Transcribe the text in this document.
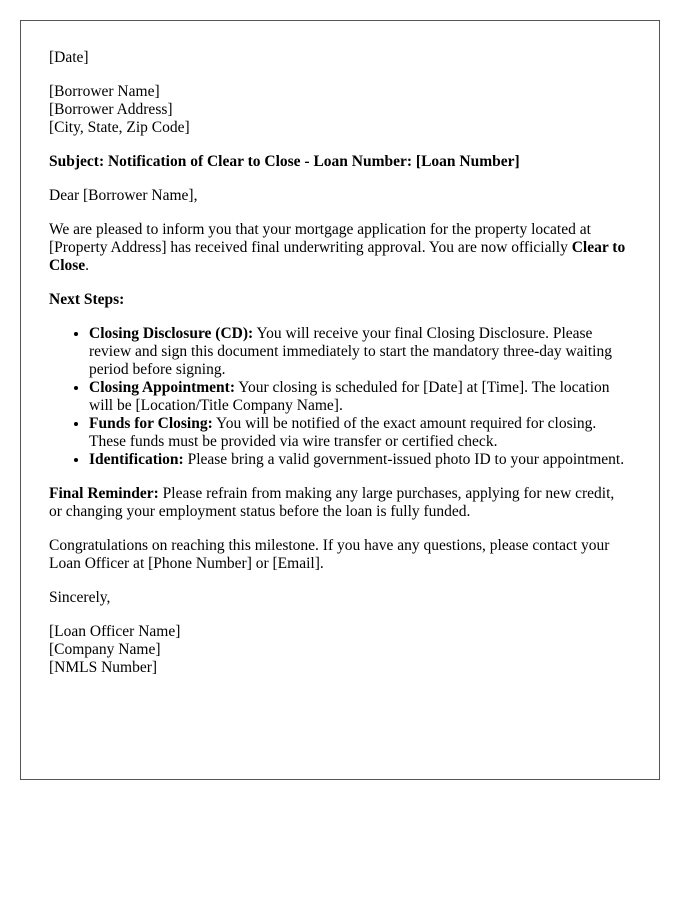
[Date]

[Borrower Name]
[Borrower Address]
[City, State, Zip Code]

Subject: Notification of Clear to Close - Loan Number: [Loan Number]

Dear [Borrower Name],

We are pleased to inform you that your mortgage application for the property located at [Property Address] has received final underwriting approval. You are now officially Clear to Close.

Next Steps:

• Closing Disclosure (CD): You will receive your final Closing Disclosure. Please review and sign this document immediately to start the mandatory three-day waiting period before signing.
• Closing Appointment: Your closing is scheduled for [Date] at [Time]. The location will be [Location/Title Company Name].
• Funds for Closing: You will be notified of the exact amount required for closing. These funds must be provided via wire transfer or certified check.
• Identification: Please bring a valid government-issued photo ID to your appointment.

Final Reminder: Please refrain from making any large purchases, applying for new credit, or changing your employment status before the loan is fully funded.

Congratulations on reaching this milestone. If you have any questions, please contact your Loan Officer at [Phone Number] or [Email].

Sincerely,

[Loan Officer Name]
[Company Name]
[NMLS Number]
